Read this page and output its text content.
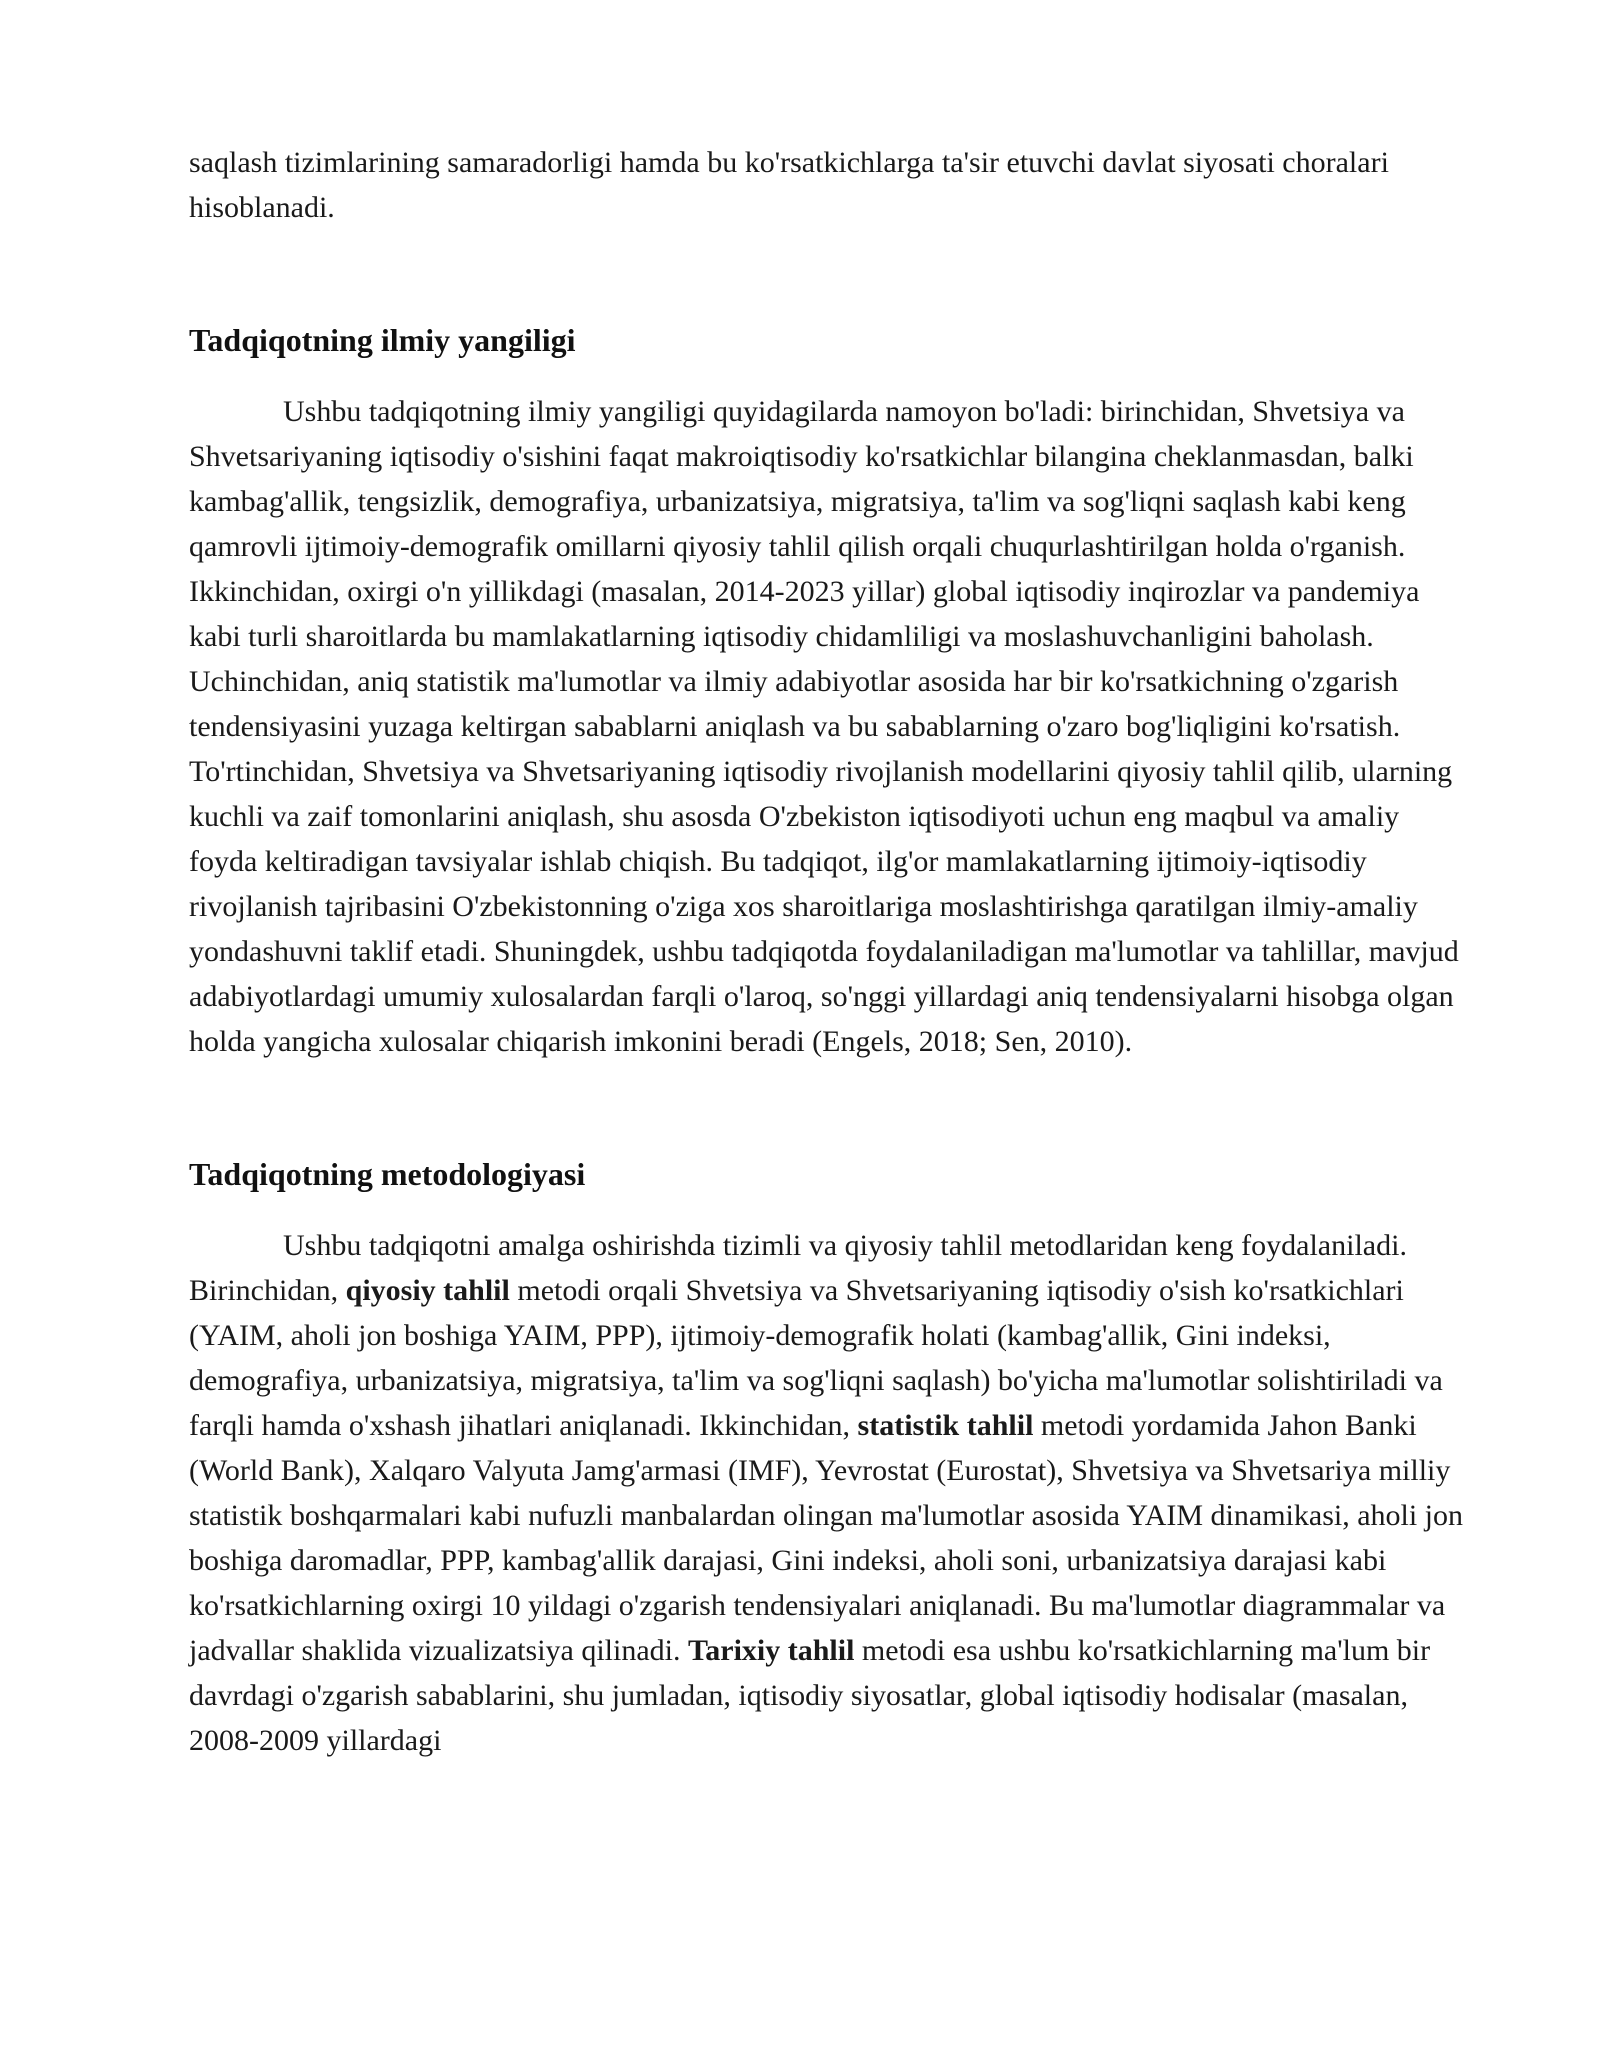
saqlash tizimlarining samaradorligi hamda bu ko'rsatkichlarga ta'sir etuvchi davlat siyosati choralari hisoblanadi.

Tadqiqotning ilmiy yangiligi

Ushbu tadqiqotning ilmiy yangiligi quyidagilarda namoyon bo'ladi: birinchidan, Shvetsiya va Shvetsariyaning iqtisodiy o'sishini faqat makroiqtisodiy ko'rsatkichlar bilangina cheklanmasdan, balki kambag'allik, tengsizlik, demografiya, urbanizatsiya, migratsiya, ta'lim va sog'liqni saqlash kabi keng qamrovli ijtimoiy-demografik omillarni qiyosiy tahlil qilish orqali chuqurlashtirilgan holda o'rganish. Ikkinchidan, oxirgi o'n yillikdagi (masalan, 2014-2023 yillar) global iqtisodiy inqirozlar va pandemiya kabi turli sharoitlarda bu mamlakatlarning iqtisodiy chidamliligi va moslashuvchanligini baholash. Uchinchidan, aniq statistik ma'lumotlar va ilmiy adabiyotlar asosida har bir ko'rsatkichning o'zgarish tendensiyasini yuzaga keltirgan sabablarni aniqlash va bu sabablarning o'zaro bog'liqligini ko'rsatish. To'rtinchidan, Shvetsiya va Shvetsariyaning iqtisodiy rivojlanish modellarini qiyosiy tahlil qilib, ularning kuchli va zaif tomonlarini aniqlash, shu asosda O'zbekiston iqtisodiyoti uchun eng maqbul va amaliy foyda keltiradigan tavsiyalar ishlab chiqish. Bu tadqiqot, ilg'or mamlakatlarning ijtimoiy-iqtisodiy rivojlanish tajribasini O'zbekistonning o'ziga xos sharoitlariga moslashtirishga qaratilgan ilmiy-amaliy yondashuvni taklif etadi. Shuningdek, ushbu tadqiqotda foydalaniladigan ma'lumotlar va tahlillar, mavjud adabiyotlardagi umumiy xulosalardan farqli o'laroq, so'nggi yillardagi aniq tendensiyalarni hisobga olgan holda yangicha xulosalar chiqarish imkonini beradi (Engels, 2018; Sen, 2010).

Tadqiqotning metodologiyasi

Ushbu tadqiqotni amalga oshirishda tizimli va qiyosiy tahlil metodlaridan keng foydalaniladi. Birinchidan, qiyosiy tahlil metodi orqali Shvetsiya va Shvetsariyaning iqtisodiy o'sish ko'rsatkichlari (YAIM, aholi jon boshiga YAIM, PPP), ijtimoiy-demografik holati (kambag'allik, Gini indeksi, demografiya, urbanizatsiya, migratsiya, ta'lim va sog'liqni saqlash) bo'yicha ma'lumotlar solishtiriladi va farqli hamda o'xshash jihatlari aniqlanadi. Ikkinchidan, statistik tahlil metodi yordamida Jahon Banki (World Bank), Xalqaro Valyuta Jamg'armasi (IMF), Yevrostat (Eurostat), Shvetsiya va Shvetsariya milliy statistik boshqarmalari kabi nufuzli manbalardan olingan ma'lumotlar asosida YAIM dinamikasi, aholi jon boshiga daromadlar, PPP, kambag'allik darajasi, Gini indeksi, aholi soni, urbanizatsiya darajasi kabi ko'rsatkichlarning oxirgi 10 yildagi o'zgarish tendensiyalari aniqlanadi. Bu ma'lumotlar diagrammalar va jadvallar shaklida vizualizatsiya qilinadi. Tarixiy tahlil metodi esa ushbu ko'rsatkichlarning ma'lum bir davrdagi o'zgarish sabablarini, shu jumladan, iqtisodiy siyosatlar, global iqtisodiy hodisalar (masalan, 2008-2009 yillardagi
